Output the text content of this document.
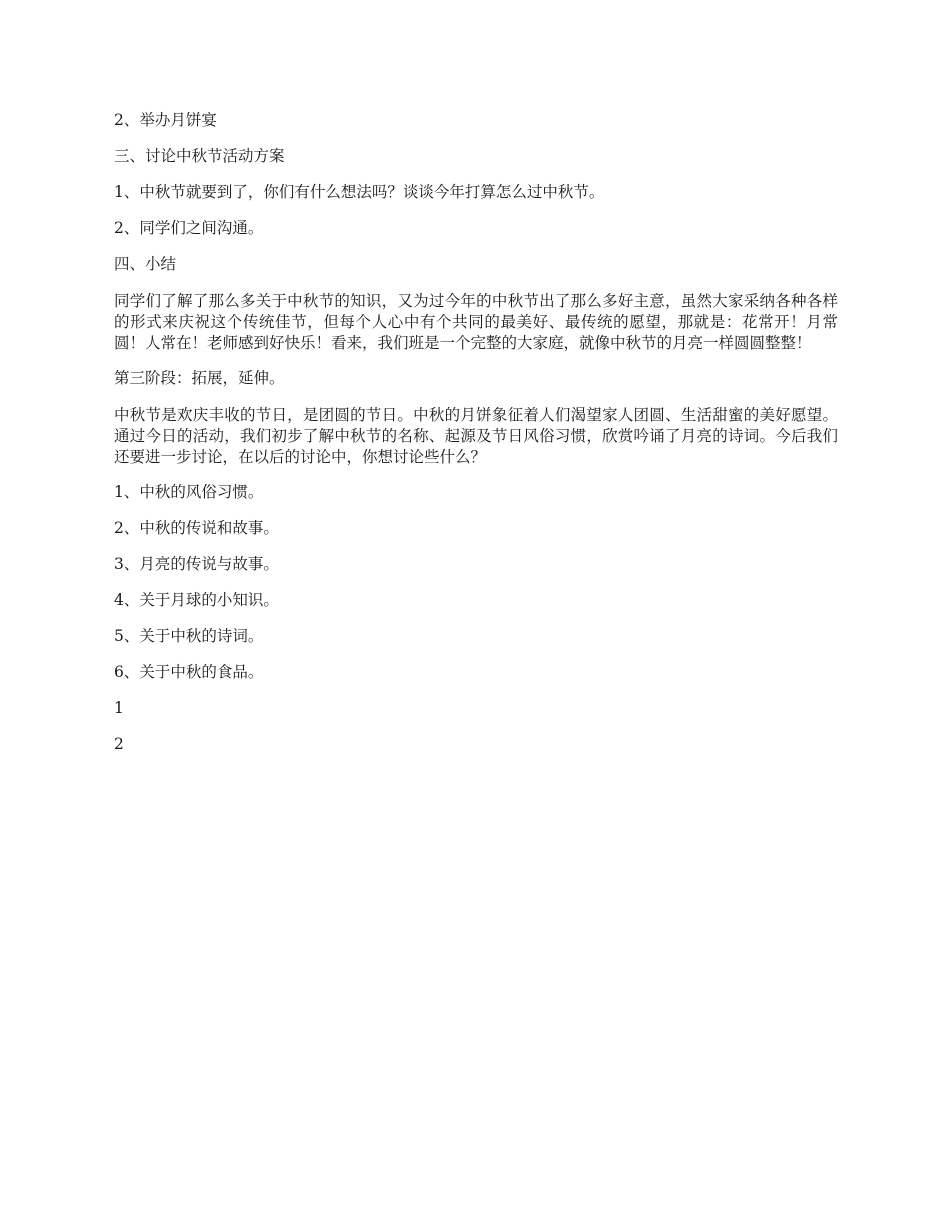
2、举办月饼宴

三、讨论中秋节活动方案

1、中秋节就要到了，你们有什么想法吗？谈谈今年打算怎么过中秋节。

2、同学们之间沟通。

四、小结

同学们了解了那么多关于中秋节的知识，又为过今年的中秋节出了那么多好主意，虽然大家采纳各种各样的形式来庆祝这个传统佳节，但每个人心中有个共同的最美好、最传统的愿望，那就是：花常开！月常圆！人常在！老师感到好快乐！看来，我们班是一个完整的大家庭，就像中秋节的月亮一样圆圆整整！

第三阶段：拓展，延伸。

中秋节是欢庆丰收的节日，是团圆的节日。中秋的月饼象征着人们渴望家人团圆、生活甜蜜的美好愿望。通过今日的活动，我们初步了解中秋节的名称、起源及节日风俗习惯，欣赏吟诵了月亮的诗词。今后我们还要进一步讨论，在以后的讨论中，你想讨论些什么？

1、中秋的风俗习惯。

2、中秋的传说和故事。

3、月亮的传说与故事。

4、关于月球的小知识。

5、关于中秋的诗词。

6、关于中秋的食品。

1

2
